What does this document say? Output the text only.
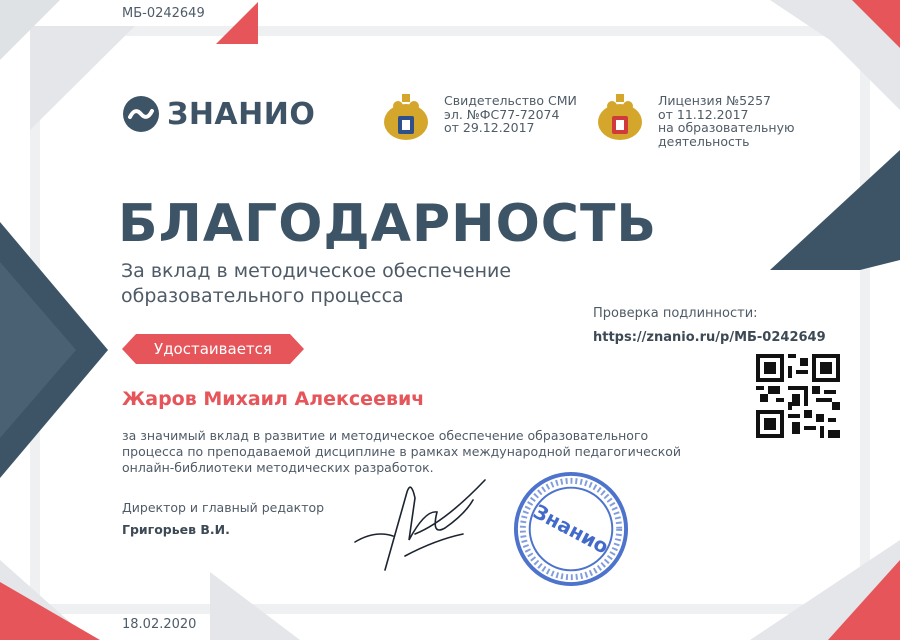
МБ-0242649
18.02.2020
ЗНАНИО	Свидетельство СМИ
эл. №ФС77-72074
от 29.12.2017
Лицензия №5257
от 11.12.2017
на образовательную
деятельность
БЛАГОДАРНОСТЬ
За вклад в методическое обеспечение
образовательного процесса
Проверка подлинности:
https://znanio.ru/p/МБ-0242649
Удостаивается
Жаров Михаил Алексеевич
за значимый вклад в развитие и методическое обеспечение образовательного
процесса по преподаваемой дисциплине в рамках международной педагогической
онлайн-библиотеки методических разработок.
Директор и главный редактор
Григорьев В.И.	Знанио
